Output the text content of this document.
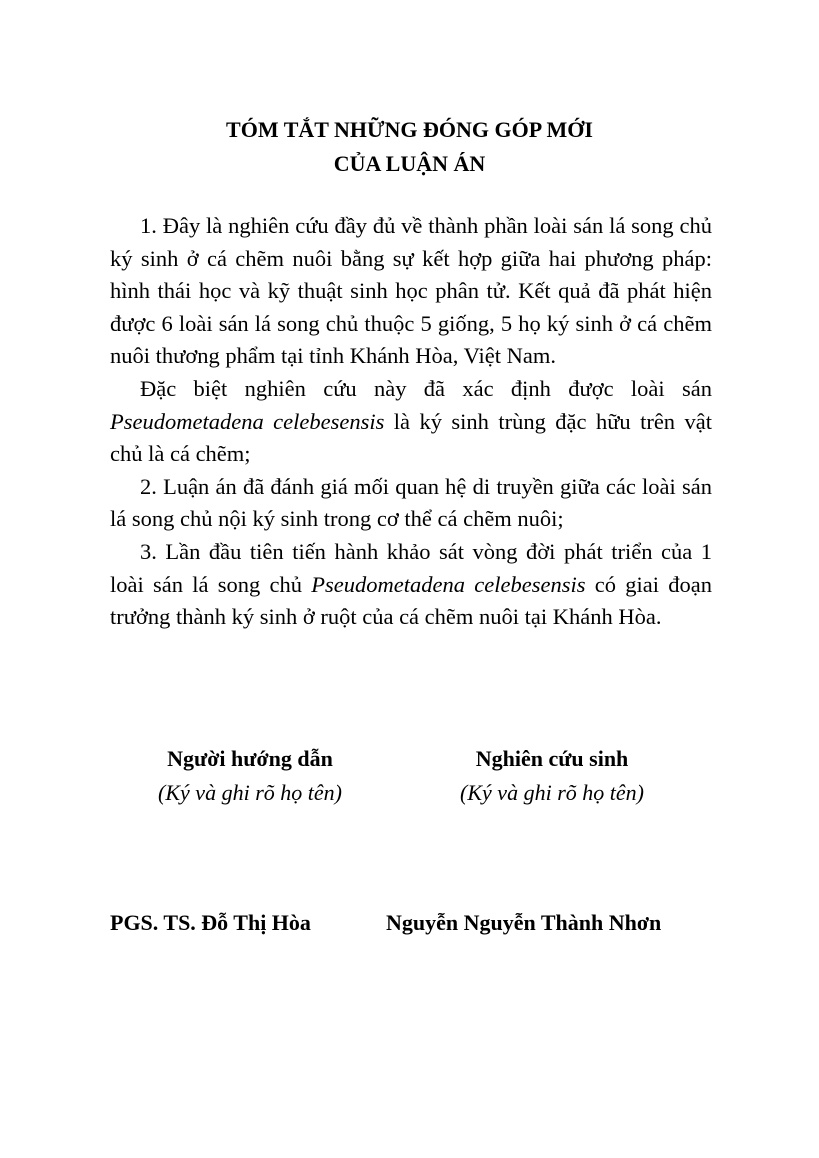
TÓM TẮT NHỮNG ĐÓNG GÓP MỚI
CỦA LUẬN ÁN

1. Đây là nghiên cứu đầy đủ về thành phần loài sán lá song chủ ký sinh ở cá chẽm nuôi bằng sự kết hợp giữa hai phương pháp: hình thái học và kỹ thuật sinh học phân tử. Kết quả đã phát hiện được 6 loài sán lá song chủ thuộc 5 giống, 5 họ ký sinh ở cá chẽm nuôi thương phẩm tại tỉnh Khánh Hòa, Việt Nam.

Đặc biệt nghiên cứu này đã xác định được loài sán Pseudometadena celebesensis là ký sinh trùng đặc hữu trên vật chủ là cá chẽm;

2. Luận án đã đánh giá mối quan hệ di truyền giữa các loài sán lá song chủ nội ký sinh trong cơ thể cá chẽm nuôi;

3. Lần đầu tiên tiến hành khảo sát vòng đời phát triển của 1 loài sán lá song chủ Pseudometadena celebesensis có giai đoạn trưởng thành ký sinh ở ruột của cá chẽm nuôi tại Khánh Hòa.

Người hướng dẫn

(Ký và ghi rõ họ tên)

Nghiên cứu sinh

(Ký và ghi rõ họ tên)

PGS. TS. Đỗ Thị Hòa	Nguyễn Nguyễn Thành Nhơn
